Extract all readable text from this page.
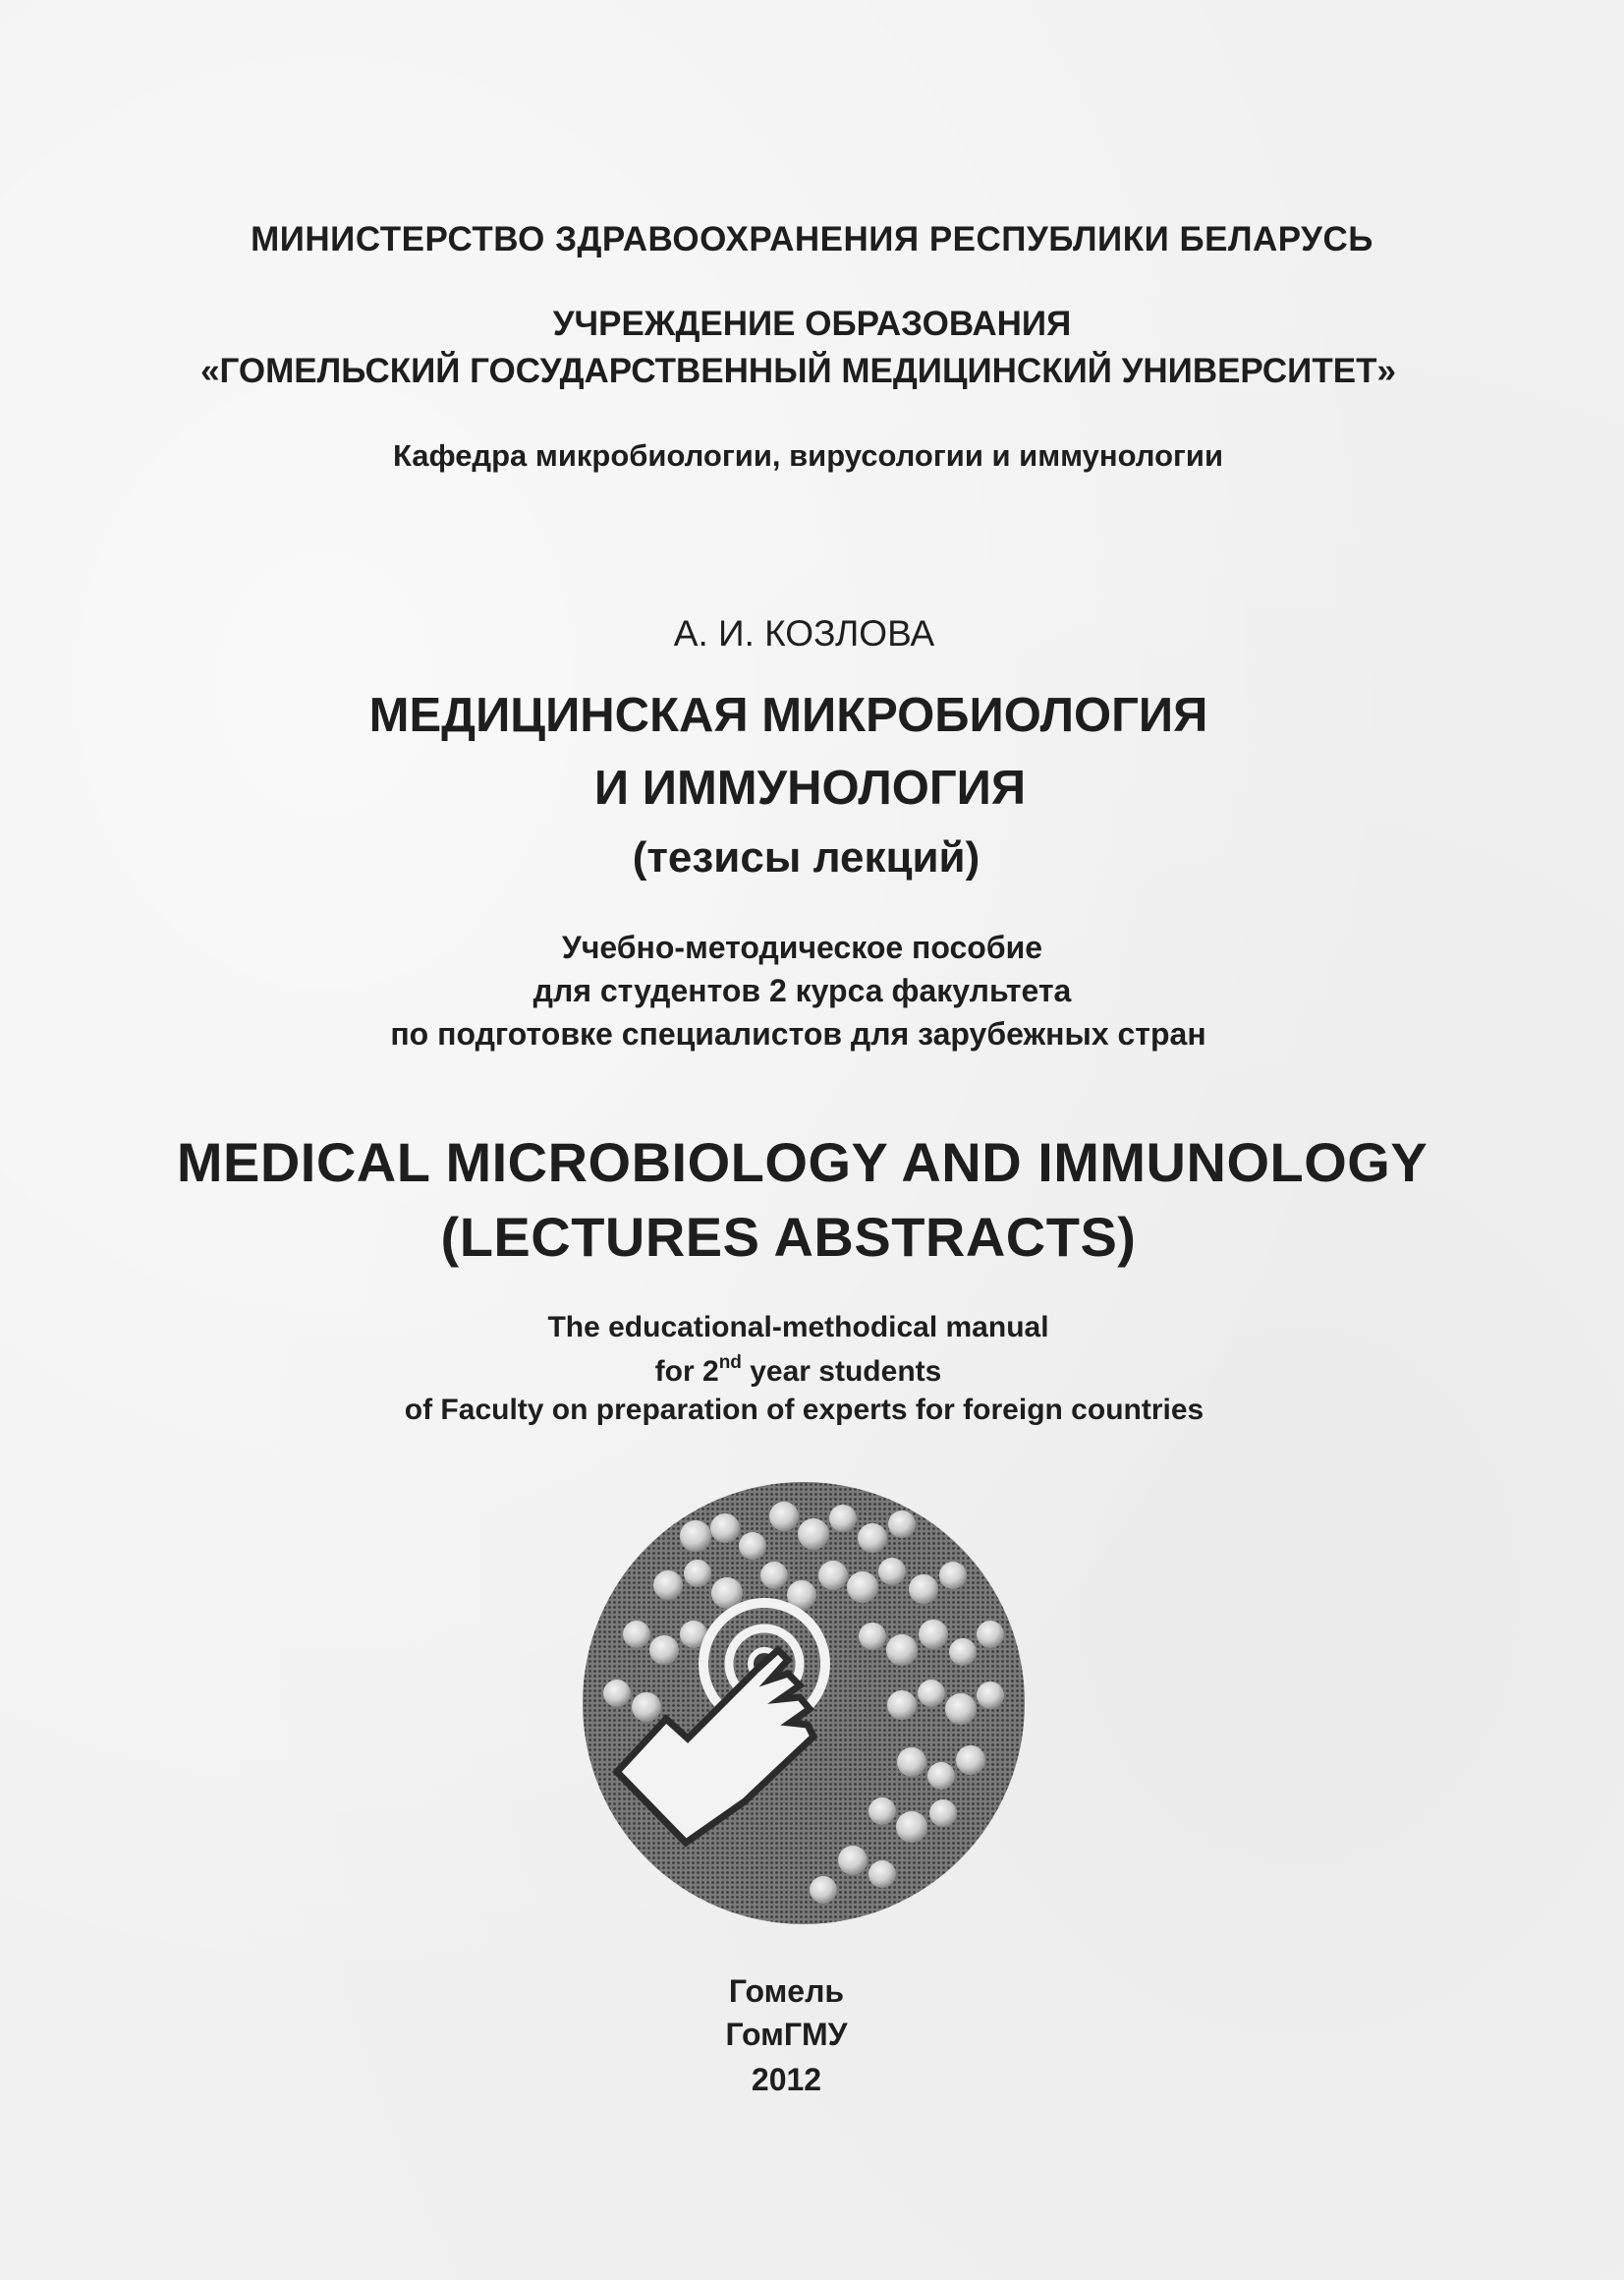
МИНИСТЕРСТВО ЗДРАВООХРАНЕНИЯ РЕСПУБЛИКИ БЕЛАРУСЬ
УЧРЕЖДЕНИЕ ОБРАЗОВАНИЯ
«ГОМЕЛЬСКИЙ ГОСУДАРСТВЕННЫЙ МЕДИЦИНСКИЙ УНИВЕРСИТЕТ»
Кафедра микробиологии, вирусологии и иммунологии
А. И. КОЗЛОВА
МЕДИЦИНСКАЯ МИКРОБИОЛОГИЯ
И ИММУНОЛОГИЯ
(тезисы лекций)
Учебно-методическое пособие
для студентов 2 курса факультета
по подготовке специалистов для зарубежных стран
MEDICAL MICROBIOLOGY AND IMMUNOLOGY
(LECTURES ABSTRACTS)
The educational-methodical manual
for 2nd year students
of Faculty on preparation of experts for foreign countries
Гомель
ГомГМУ
2012
